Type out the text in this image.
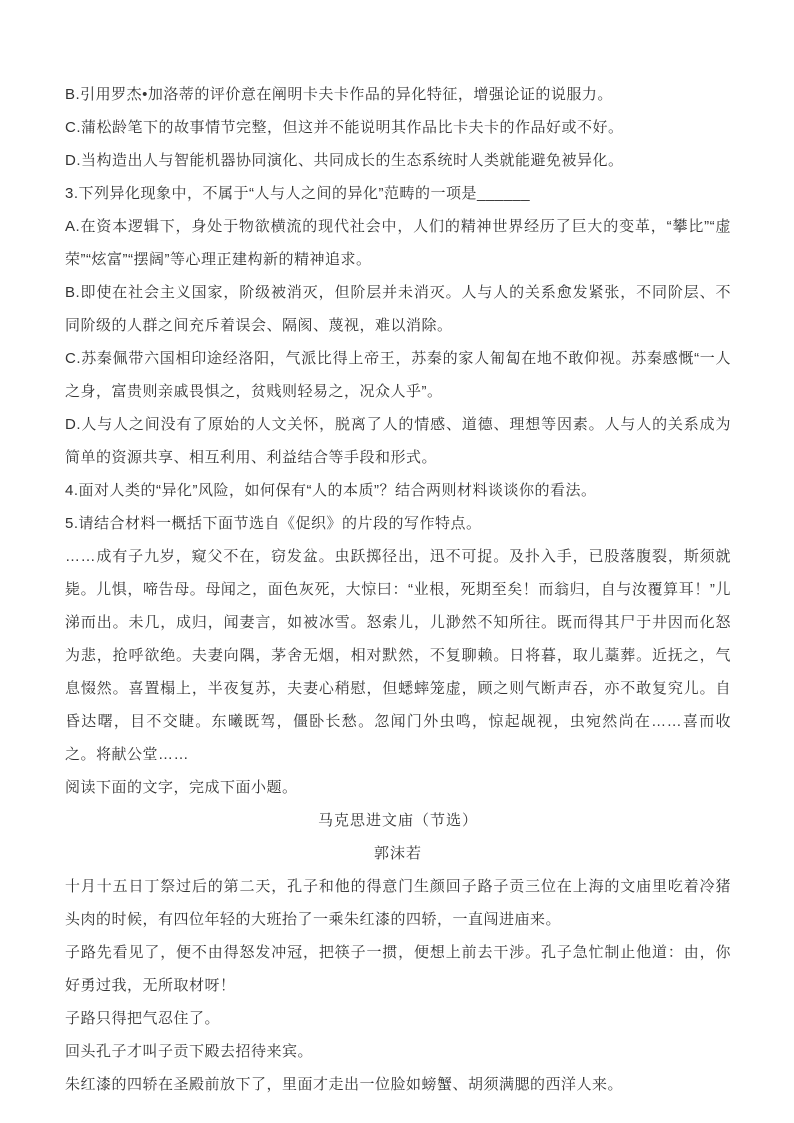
B.引用罗杰•加洛蒂的评价意在阐明卡夫卡作品的异化特征，增强论证的说服力。

C.蒲松龄笔下的故事情节完整，但这并不能说明其作品比卡夫卡的作品好或不好。

D.当构造出人与智能机器协同演化、共同成长的生态系统时人类就能避免被异化。

3.下列异化现象中，不属于“人与人之间的异化”范畴的一项是______

A.在资本逻辑下，身处于物欲横流的现代社会中，人们的精神世界经历了巨大的变革，“攀比”“虚荣”“炫富”“摆阔”等心理正建构新的精神追求。

B.即使在社会主义国家，阶级被消灭，但阶层并未消灭。人与人的关系愈发紧张，不同阶层、不同阶级的人群之间充斥着误会、隔阂、蔑视，难以消除。

C.苏秦佩带六国相印途经洛阳，气派比得上帝王，苏秦的家人匍匐在地不敢仰视。苏秦感慨“一人之身，富贵则亲戚畏惧之，贫贱则轻易之，况众人乎”。

D.人与人之间没有了原始的人文关怀，脱离了人的情感、道德、理想等因素。人与人的关系成为简单的资源共享、相互利用、利益结合等手段和形式。

4.面对人类的“异化”风险，如何保有“人的本质”？结合两则材料谈谈你的看法。

5.请结合材料一概括下面节选自《促织》的片段的写作特点。

……成有子九岁，窥父不在，窃发盆。虫跃掷径出，迅不可捉。及扑入手，已股落腹裂，斯须就毙。儿惧，啼告母。母闻之，面色灰死，大惊曰：“业根，死期至矣！而翁归，自与汝覆算耳！”儿涕而出。未几，成归，闻妻言，如被冰雪。怒索儿，儿渺然不知所往。既而得其尸于井因而化怒为悲，抢呼欲绝。夫妻向隅，茅舍无烟，相对默然，不复聊赖。日将暮，取儿藁葬。近抚之，气息惙然。喜置榻上，半夜复苏，夫妻心稍慰，但蟋蟀笼虚，顾之则气断声吞，亦不敢复究儿。自昏达曙，目不交睫。东曦既驾，僵卧长愁。忽闻门外虫鸣，惊起觇视，虫宛然尚在……喜而收之。将献公堂……

阅读下面的文字，完成下面小题。

马克思进文庙（节选）

郭沫若

十月十五日丁祭过后的第二天，孔子和他的得意门生颜回子路子贡三位在上海的文庙里吃着冷猪头肉的时候，有四位年轻的大班抬了一乘朱红漆的四轿，一直闯进庙来。

子路先看见了，便不由得怒发冲冠，把筷子一掼，便想上前去干涉。孔子急忙制止他道：由，你好勇过我，无所取材呀！

子路只得把气忍住了。

回头孔子才叫子贡下殿去招待来宾。

朱红漆的四轿在圣殿前放下了，里面才走出一位脸如螃蟹、胡须满腮的西洋人来。
